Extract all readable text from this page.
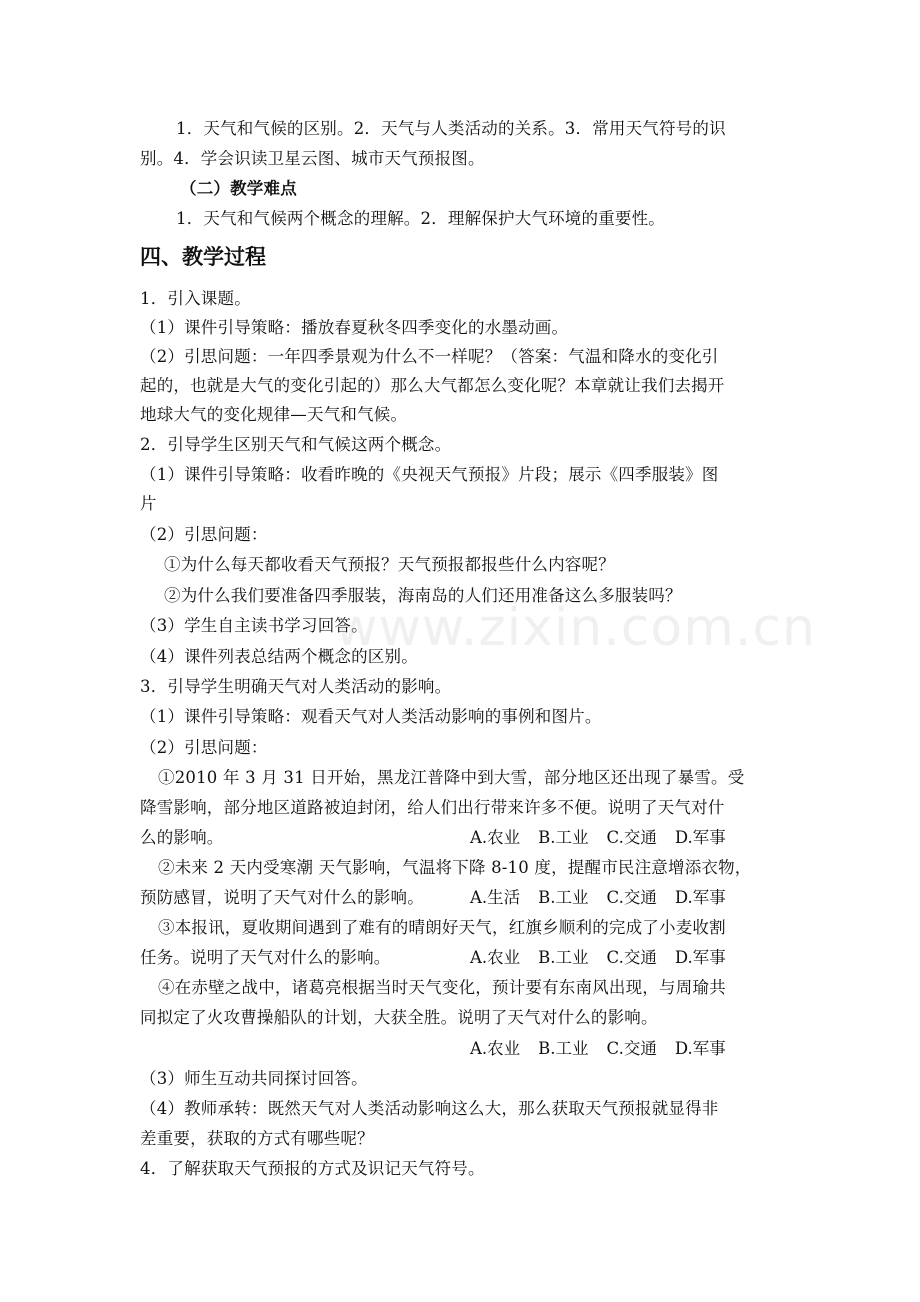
1．天气和气候的区别。2．天气与人类活动的关系。3．常用天气符号的识
别。4．学会识读卫星云图、城市天气预报图。
（二）教学难点
1．天气和气候两个概念的理解。2．理解保护大气环境的重要性。
四、教学过程
1．引入课题。
（1）课件引导策略：播放春夏秋冬四季变化的水墨动画。
（2）引思问题：一年四季景观为什么不一样呢？（答案：气温和降水的变化引
起的，也就是大气的变化引起的）那么大气都怎么变化呢？本章就让我们去揭开
地球大气的变化规律—天气和气候。
2．引导学生区别天气和气候这两个概念。
（1）课件引导策略：收看昨晚的《央视天气预报》片段；展示《四季服装》图
片
（2）引思问题：
①为什么每天都收看天气预报？天气预报都报些什么内容呢？
②为什么我们要准备四季服装，海南岛的人们还用准备这么多服装吗？
（3）学生自主读书学习回答。
（4）课件列表总结两个概念的区别。
3．引导学生明确天气对人类活动的影响。
（1）课件引导策略：观看天气对人类活动影响的事例和图片。
（2）引思问题：
①2010 年 3 月 31 日开始，黑龙江普降中到大雪，部分地区还出现了暴雪。受
降雪影响，部分地区道路被迫封闭，给人们出行带来许多不便。说明了天气对什
么的影响。	A.农业 B.工业 C.交通 D.军事
②未来 2 天内受寒潮 天气影响，气温将下降 8-10 度，提醒市民注意增添衣物，
预防感冒，说明了天气对什么的影响。	A.生活 B.工业 C.交通 D.军事
③本报讯，夏收期间遇到了难有的晴朗好天气，红旗乡顺利的完成了小麦收割
任务。说明了天气对什么的影响。	A.农业 B.工业 C.交通 D.军事
④在赤壁之战中，诸葛亮根据当时天气变化，预计要有东南风出现，与周瑜共
同拟定了火攻曹操船队的计划，大获全胜。说明了天气对什么的影响。
A.农业 B.工业 C.交通 D.军事
（3）师生互动共同探讨回答。
（4）教师承转：既然天气对人类活动影响这么大，那么获取天气预报就显得非
差重要，获取的方式有哪些呢？
4．了解获取天气预报的方式及识记天气符号。
www.zixin.com.cn
